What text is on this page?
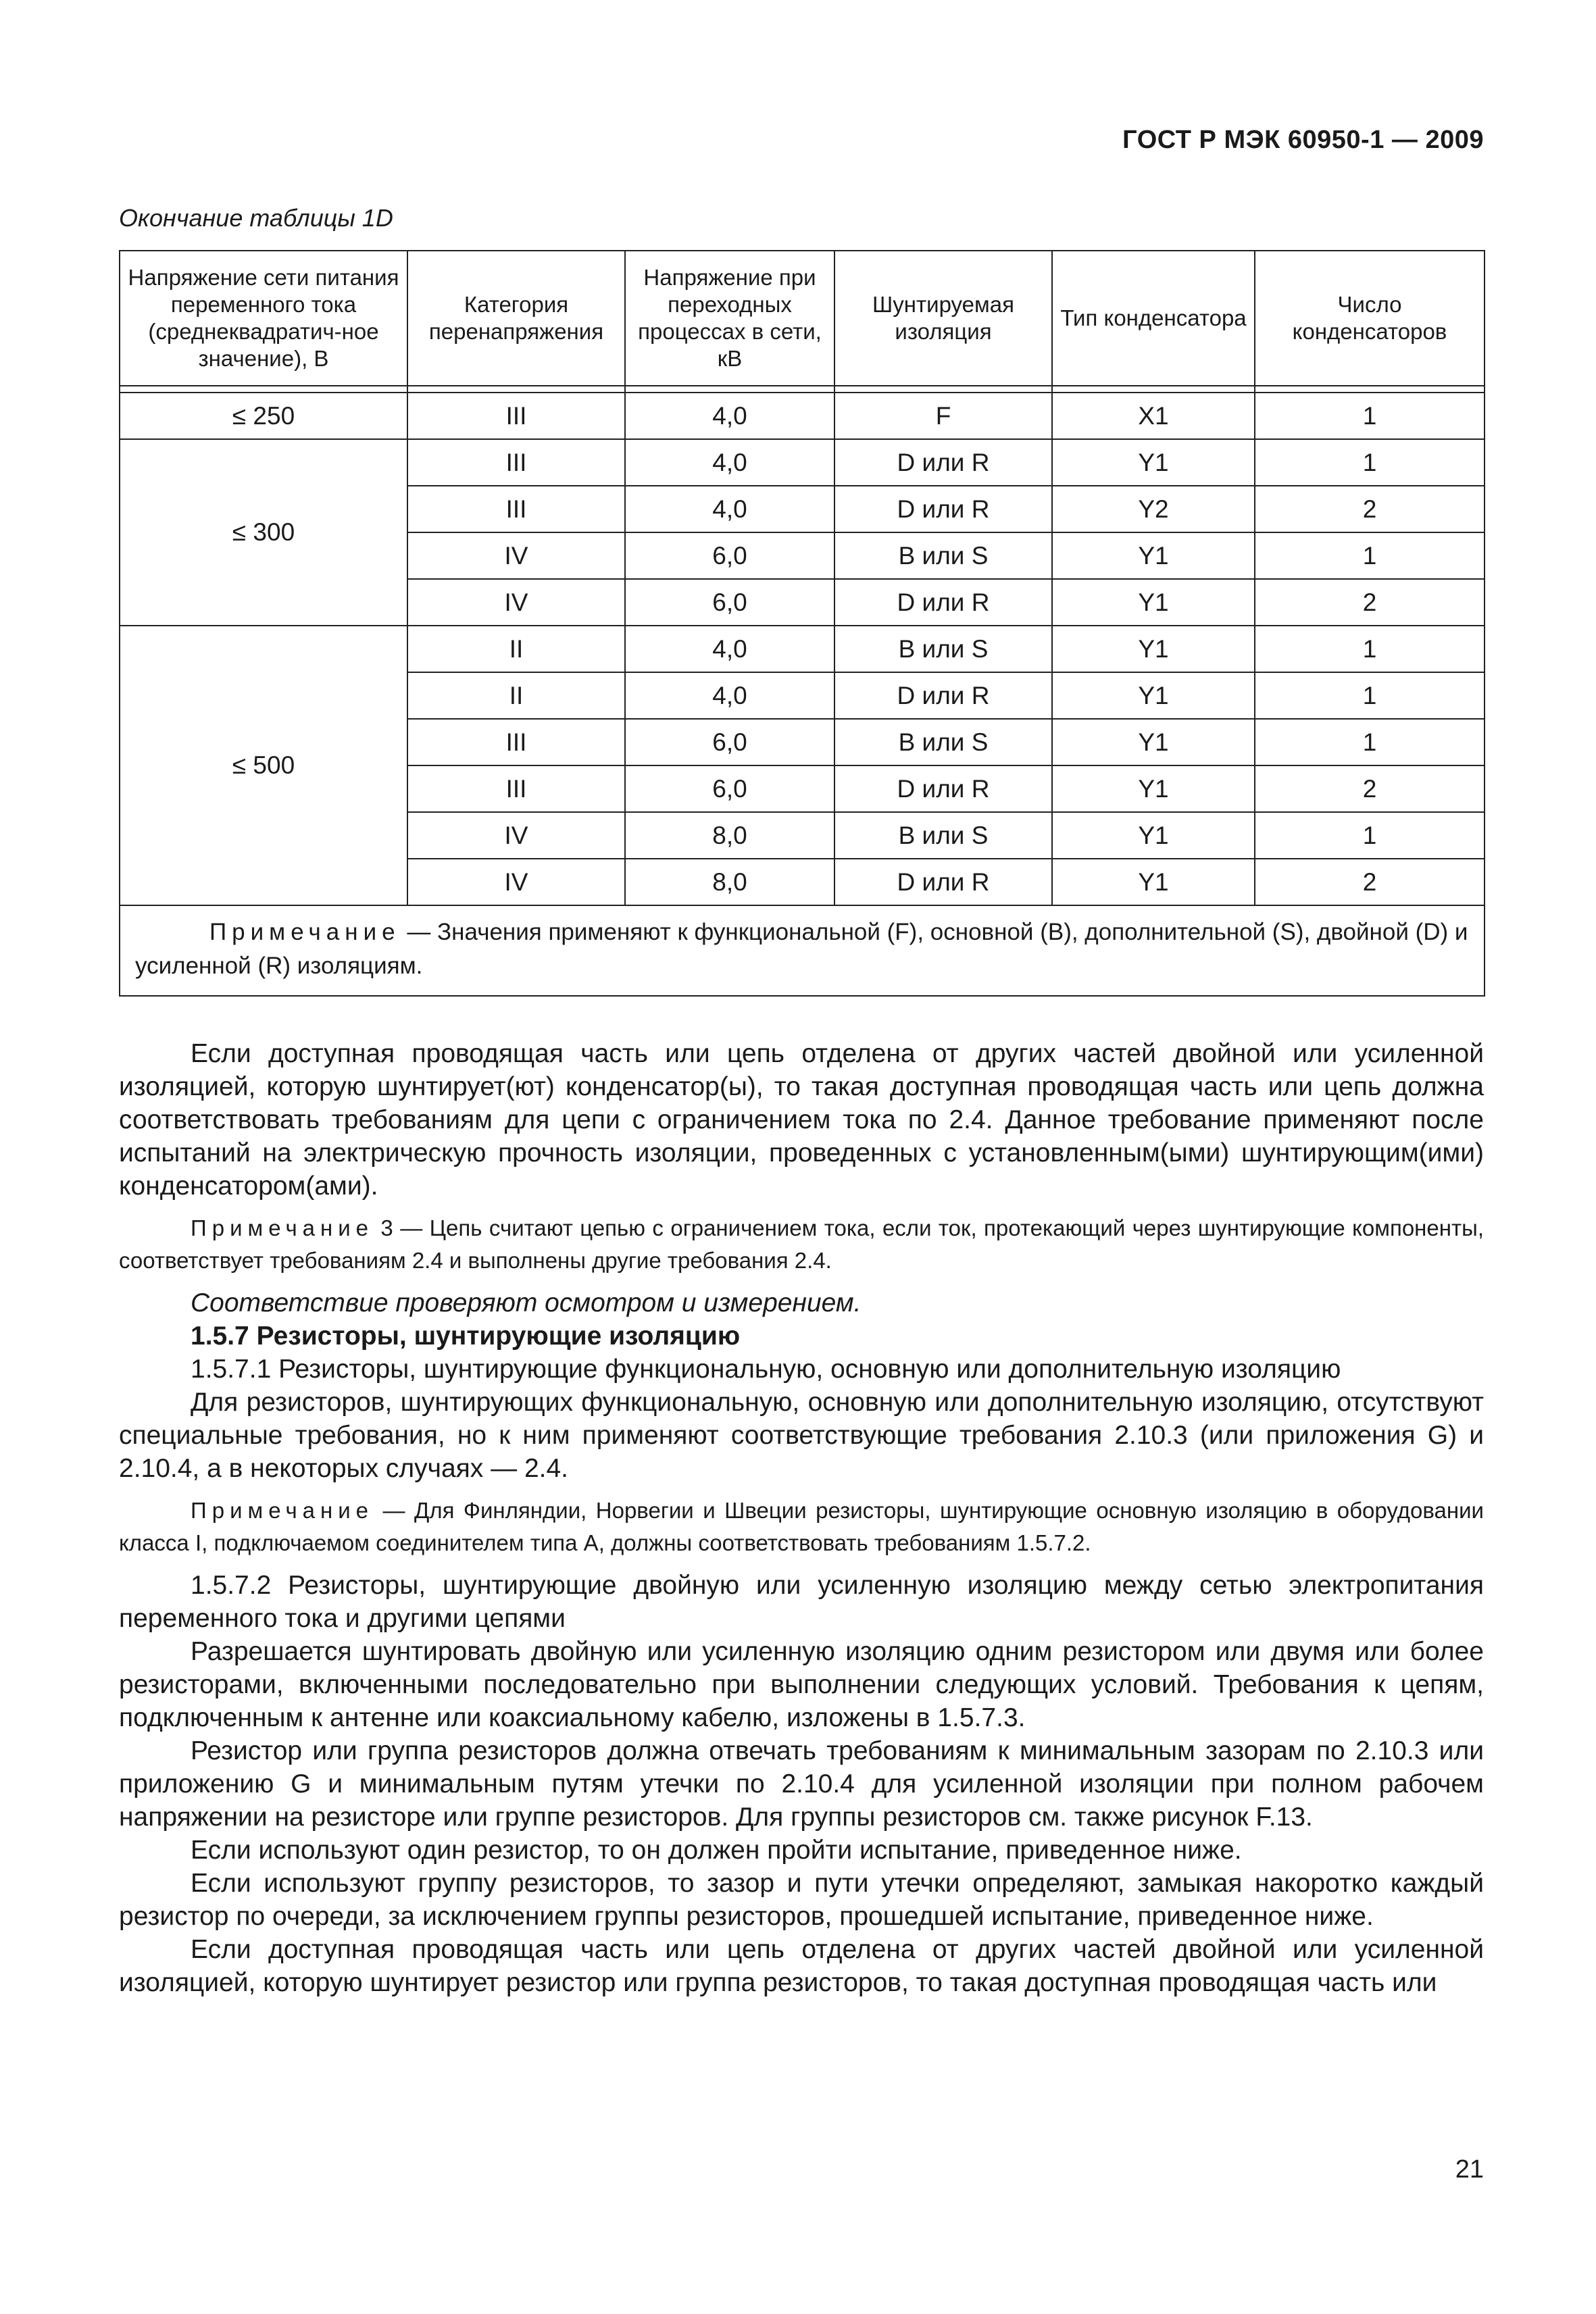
ГОСТ Р МЭК 60950-1 — 2009
Окончание таблицы 1D
Напряжение сети питания переменного тока (среднеквадратич-ное значение), В	Категория перенапряжения	Напряжение при переходных процессах в сети, кВ	Шунтируемая изоляция	Тип конденсатора	Число конденсаторов

≤ 250	III	4,0	F	X1	1
≤ 300	III	4,0	D или R	Y1	1
	III	4,0	D или R	Y2	2
	IV	6,0	B или S	Y1	1
	IV	6,0	D или R	Y1	2
≤ 500	II	4,0	B или S	Y1	1
	II	4,0	D или R	Y1	1
	III	6,0	B или S	Y1	1
	III	6,0	D или R	Y1	2
	IV	8,0	B или S	Y1	1
	IV	8,0	D или R	Y1	2
Примечание — Значения применяют к функциональной (F), основной (B), дополнительной (S), двойной (D) и усиленной (R) изоляциям.					

Если доступная проводящая часть или цепь отделена от других частей двойной или усиленной изоляцией, которую шунтирует(ют) конденсатор(ы), то такая доступная проводящая часть или цепь должна соответствовать требованиям для цепи с ограничением тока по 2.4. Данное требование применяют после испытаний на электрическую прочность изоляции, проведенных с установленным(ыми) шунтирующим(ими) конденсатором(ами).

Примечание 3 — Цепь считают цепью с ограничением тока, если ток, протекающий через шунтирующие компоненты, соответствует требованиям 2.4 и выполнены другие требования 2.4.

Соответствие проверяют осмотром и измерением.

1.5.7 Резисторы, шунтирующие изоляцию

1.5.7.1 Резисторы, шунтирующие функциональную, основную или дополнительную изоляцию

Для резисторов, шунтирующих функциональную, основную или дополнительную изоляцию, отсутствуют специальные требования, но к ним применяют соответствующие требования 2.10.3 (или приложения G) и 2.10.4, а в некоторых случаях — 2.4.

Примечание — Для Финляндии, Норвегии и Швеции резисторы, шунтирующие основную изоляцию в оборудовании класса I, подключаемом соединителем типа A, должны соответствовать требованиям 1.5.7.2.

1.5.7.2 Резисторы, шунтирующие двойную или усиленную изоляцию между сетью электропитания переменного тока и другими цепями

Разрешается шунтировать двойную или усиленную изоляцию одним резистором или двумя или более резисторами, включенными последовательно при выполнении следующих условий. Требования к цепям, подключенным к антенне или коаксиальному кабелю, изложены в 1.5.7.3.

Резистор или группа резисторов должна отвечать требованиям к минимальным зазорам по 2.10.3 или приложению G и минимальным путям утечки по 2.10.4 для усиленной изоляции при полном рабочем напряжении на резисторе или группе резисторов. Для группы резисторов см. также рисунок F.13.

Если используют один резистор, то он должен пройти испытание, приведенное ниже.

Если используют группу резисторов, то зазор и пути утечки определяют, замыкая накоротко каждый резистор по очереди, за исключением группы резисторов, прошедшей испытание, приведенное ниже.

Если доступная проводящая часть или цепь отделена от других частей двойной или усиленной изоляцией, которую шунтирует резистор или группа резисторов, то такая доступная проводящая часть или

21
